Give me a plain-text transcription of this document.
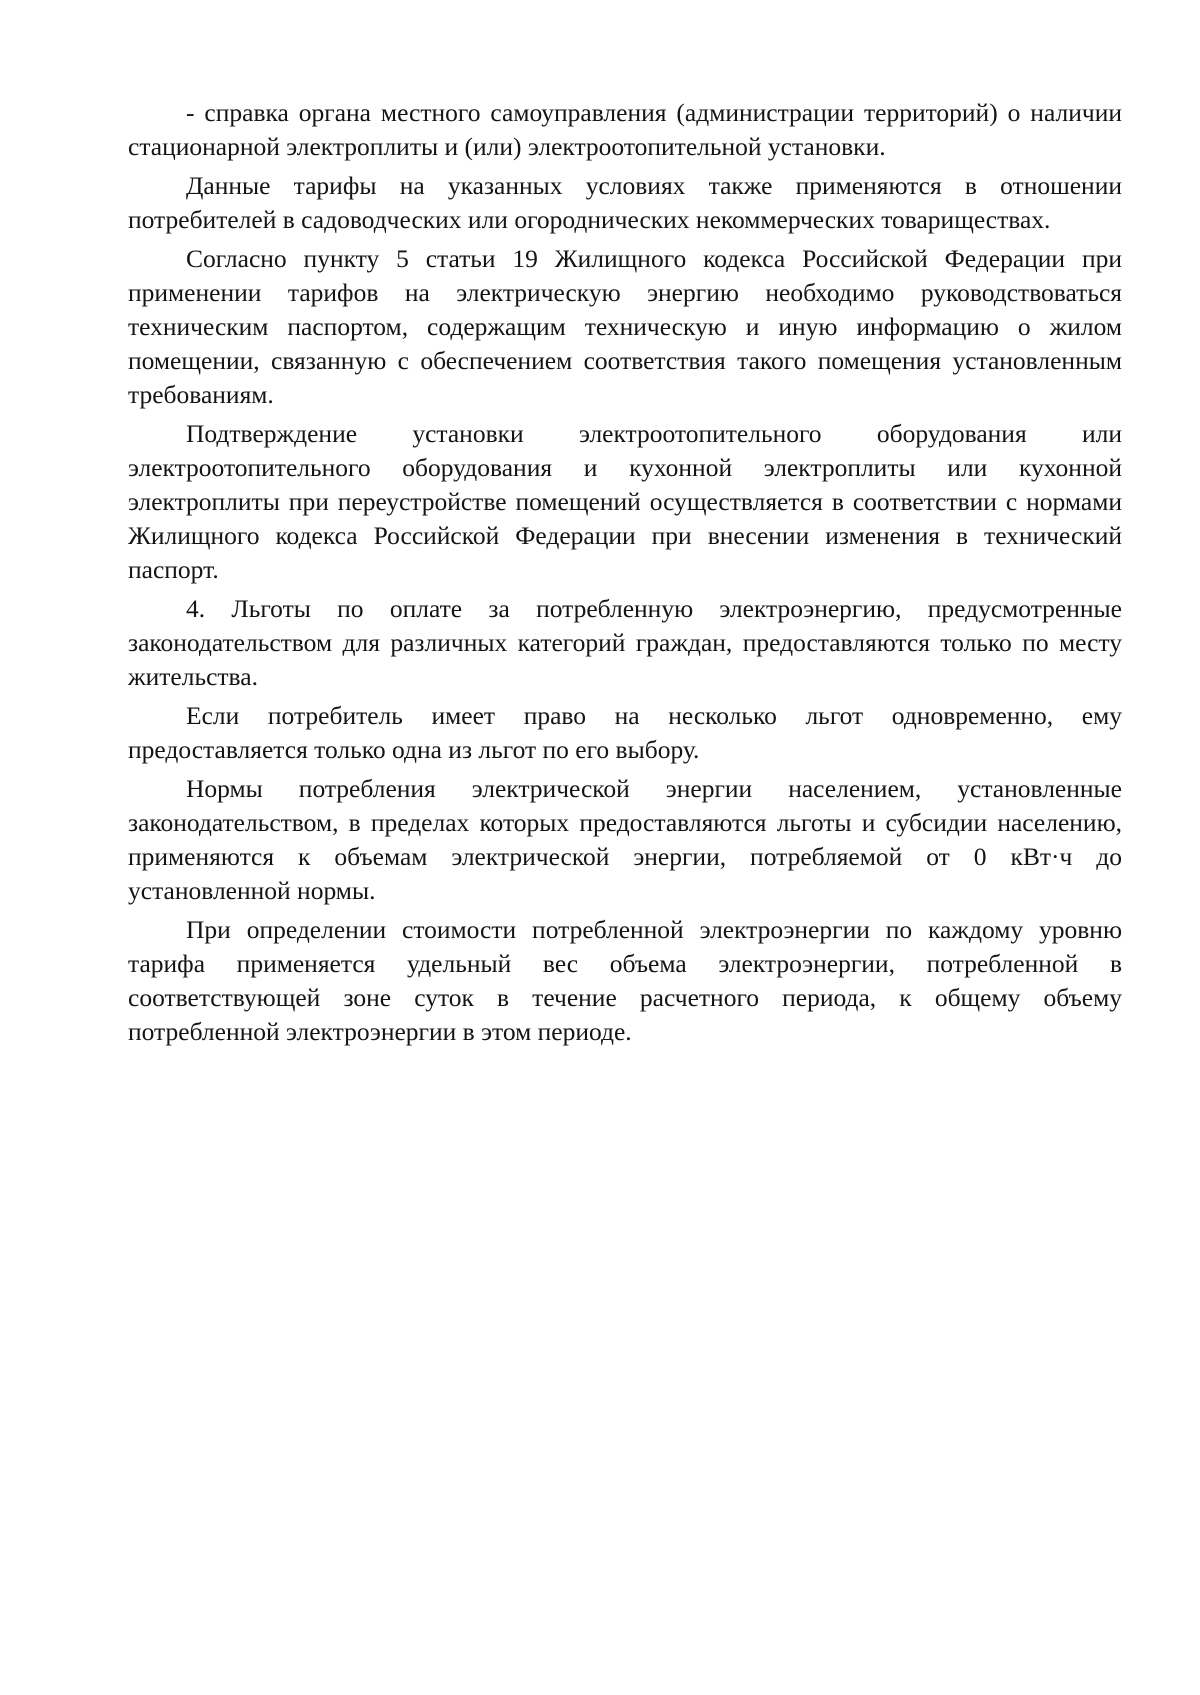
- справка органа местного самоуправления (администрации территорий) о наличии стационарной электроплиты и (или) электроотопительной установки.

Данные тарифы на указанных условиях также применяются в отношении потребителей в садоводческих или огороднических некоммерческих товариществах.

Согласно пункту 5 статьи 19 Жилищного кодекса Российской Федерации при применении тарифов на электрическую энергию необходимо руководствоваться техническим паспортом, содержащим техническую и иную информацию о жилом помещении, связанную с обеспечением соответствия такого помещения установленным требованиям.

Подтверждение установки электроотопительного оборудования или электроотопительного оборудования и кухонной электроплиты или кухонной электроплиты при переустройстве помещений осуществляется в соответствии с нормами Жилищного кодекса Российской Федерации при внесении изменения в технический паспорт.

4. Льготы по оплате за потребленную электроэнергию, предусмотренные законодательством для различных категорий граждан, предоставляются только по месту жительства.

Если потребитель имеет право на несколько льгот одновременно, ему предоставляется только одна из льгот по его выбору.

Нормы потребления электрической энергии населением, установленные законодательством, в пределах которых предоставляются льготы и субсидии населению, применяются к объемам электрической энергии, потребляемой от 0 кВт·ч до установленной нормы.

При определении стоимости потребленной электроэнергии по каждому уровню тарифа применяется удельный вес объема электроэнергии, потребленной в соответствующей зоне суток в течение расчетного периода, к общему объему потребленной электроэнергии в этом периоде.
